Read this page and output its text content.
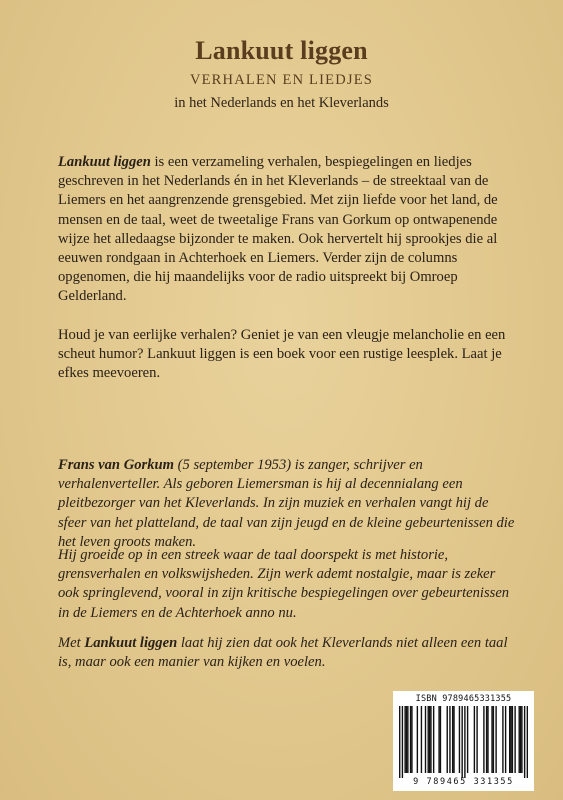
Lankuut liggen
VERHALEN EN LIEDJES
in het Nederlands en het Kleverlands
Lankuut liggen is een verzameling verhalen, bespiegelingen en liedjes geschreven in het Nederlands én in het Kleverlands – de streektaal van de Liemers en het aangrenzende grensgebied. Met zijn liefde voor het land, de mensen en de taal, weet de tweetalige Frans van Gorkum op ontwapenende wijze het alledaagse bijzonder te maken. Ook hervertelt hij sprookjes die al eeuwen rondgaan in Achterhoek en Liemers. Verder zijn de columns opgenomen, die hij maandelijks voor de radio uitspreekt bij Omroep Gelderland.
Houd je van eerlijke verhalen? Geniet je van een vleugje melancholie en een scheut humor? Lankuut liggen is een boek voor een rustige leesplek. Laat je efkes meevoeren.
Frans van Gorkum (5 september 1953) is zanger, schrijver en verhalenverteller. Als geboren Liemersman is hij al decennialang een pleitbezorger van het Kleverlands. In zijn muziek en verhalen vangt hij de sfeer van het platteland, de taal van zijn jeugd en de kleine gebeurtenissen die het leven groots maken.
Hij groeide op in een streek waar de taal doorspekt is met historie, grensverhalen en volkswijsheden. Zijn werk ademt nostalgie, maar is zeker ook springlevend, vooral in zijn kritische bespiegelingen over gebeurtenissen in de Liemers en de Achterhoek anno nu.
Met Lankuut liggen laat hij zien dat ook het Kleverlands niet alleen een taal is, maar ook een manier van kijken en voelen.
ISBN 9789465331355
9 789465 331355
